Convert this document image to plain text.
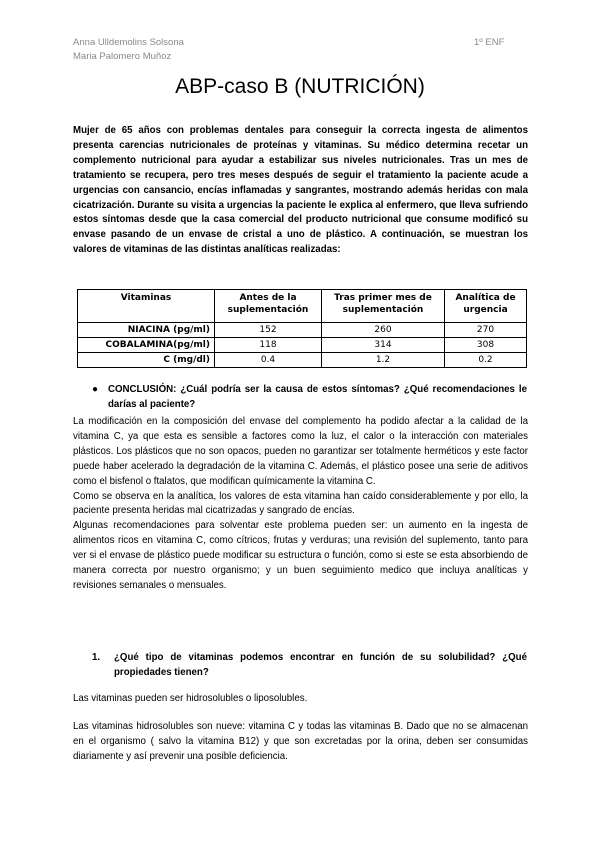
Anna Ulldemolins Solsona
Maria Palomero Muñoz
1º ENF
ABP-caso B (NUTRICIÓN)
Mujer de 65 años con problemas dentales para conseguir la correcta ingesta de alimentos presenta carencias nutricionales de proteínas y vitaminas. Su médico determina recetar un complemento nutricional para ayudar a estabilizar sus niveles nutricionales. Tras un mes de tratamiento se recupera, pero tres meses después de seguir el tratamiento la paciente acude a urgencias con cansancio, encías inflamadas y sangrantes, mostrando además heridas con mala cicatrización. Durante su visita a urgencias la paciente le explica al enfermero, que lleva sufriendo estos síntomas desde que la casa comercial del producto nutricional que consume modificó su envase pasando de un envase de cristal a uno de plástico. A continuación, se muestran los valores de vitaminas de las distintas analíticas realizadas:
Vitaminas	Antes de la suplementación	Tras primer mes de suplementación	Analítica de urgencia
NIACINA (pg/ml)	152	260	270
COBALAMINA(pg/ml)	118	314	308
C (mg/dl)	0.4	1.2	0.2
● CONCLUSIÓN: ¿Cuál podría ser la causa de estos síntomas? ¿Qué recomendaciones le darías al paciente?

La modificación en la composición del envase del complemento ha podido afectar a la calidad de la vitamina C, ya que esta es sensible a factores como la luz, el calor o la interacción con materiales plásticos. Los plásticos que no son opacos, pueden no garantizar ser totalmente herméticos y este factor puede haber acelerado la degradación de la vitamina C. Además, el plástico posee una serie de aditivos como el bisfenol o ftalatos, que modifican químicamente la vitamina C.

Como se observa en la analítica, los valores de esta vitamina han caído considerablemente y por ello, la paciente presenta heridas mal cicatrizadas y sangrado de encías.

Algunas recomendaciones para solventar este problema pueden ser: un aumento en la ingesta de alimentos ricos en vitamina C, como cítricos, frutas y verduras; una revisión del suplemento, tanto para ver si el envase de plástico puede modificar su estructura o función, como si este se esta absorbiendo de manera correcta por nuestro organismo; y un buen seguimiento medico que incluya analíticas y revisiones semanales o mensuales.

1. ¿Qué tipo de vitaminas podemos encontrar en función de su solubilidad? ¿Qué propiedades tienen?
Las vitaminas pueden ser hidrosolubles o liposolubles.
Las vitaminas hidrosolubles son nueve: vitamina C y todas las vitaminas B. Dado que no se almacenan en el organismo ( salvo la vitamina B12) y que son excretadas por la orina, deben ser consumidas diariamente y así prevenir una posible deficiencia.
